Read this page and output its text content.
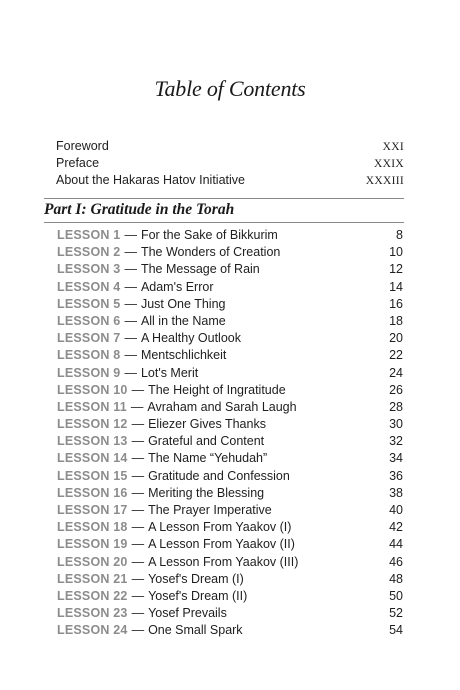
Table of Contents
Foreword	XXI
Preface	XXIX
About the Hakaras Hatov Initiative	XXXIII
Part I: Gratitude in the Torah
LESSON 1 — For the Sake of Bikkurim	8
LESSON 2 — The Wonders of Creation	10
LESSON 3 — The Message of Rain	12
LESSON 4 — Adam's Error	14
LESSON 5 — Just One Thing	16
LESSON 6 — All in the Name	18
LESSON 7 — A Healthy Outlook	20
LESSON 8 — Mentschlichkeit	22
LESSON 9 — Lot's Merit	24
LESSON 10 — The Height of Ingratitude	26
LESSON 11 — Avraham and Sarah Laugh	28
LESSON 12 — Eliezer Gives Thanks	30
LESSON 13 — Grateful and Content	32
LESSON 14 — The Name “Yehudah”	34
LESSON 15 — Gratitude and Confession	36
LESSON 16 — Meriting the Blessing	38
LESSON 17 — The Prayer Imperative	40
LESSON 18 — A Lesson From Yaakov (I)	42
LESSON 19 — A Lesson From Yaakov (II)	44
LESSON 20 — A Lesson From Yaakov (III)	46
LESSON 21 — Yosef's Dream (I)	48
LESSON 22 — Yosef's Dream (II)	50
LESSON 23 — Yosef Prevails	52
LESSON 24 — One Small Spark	54
